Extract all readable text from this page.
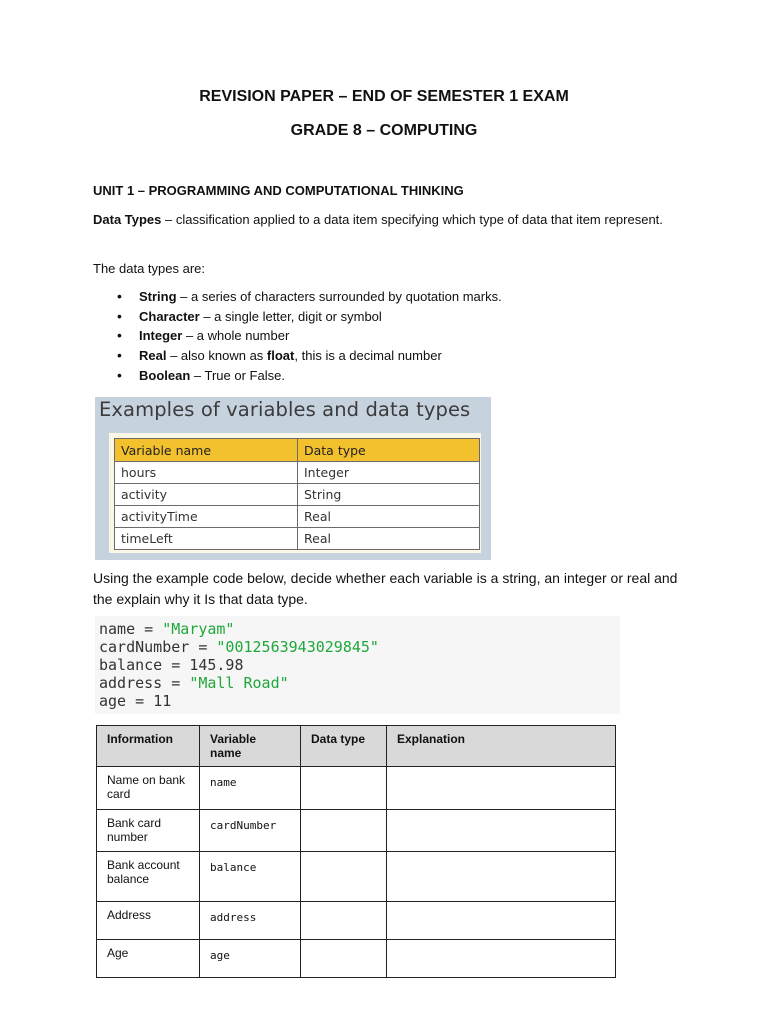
REVISION PAPER – END OF SEMESTER 1 EXAM
GRADE 8 – COMPUTING
UNIT 1 – PROGRAMMING AND COMPUTATIONAL THINKING
Data Types – classification applied to a data item specifying which type of data that item represent.
The data types are:
• String – a series of characters surrounded by quotation marks.
• Character – a single letter, digit or symbol
• Integer – a whole number
• Real – also known as float, this is a decimal number
• Boolean – True or False.
Examples of variables and data types
Variable name	Data type
hours	Integer
activity	String
activityTime	Real
timeLeft	Real
Using the example code below, decide whether each variable is a string, an integer or real and the explain why it Is that data type.
name = "Maryam"
cardNumber = "0012563943029845"
balance = 145.98
address = "Mall Road"
age = 11
Information	Variable name	Data type	Explanation
Name on bank card	name		
Bank card number	cardNumber		
Bank account balance	balance		
Address	address		
Age	age		
